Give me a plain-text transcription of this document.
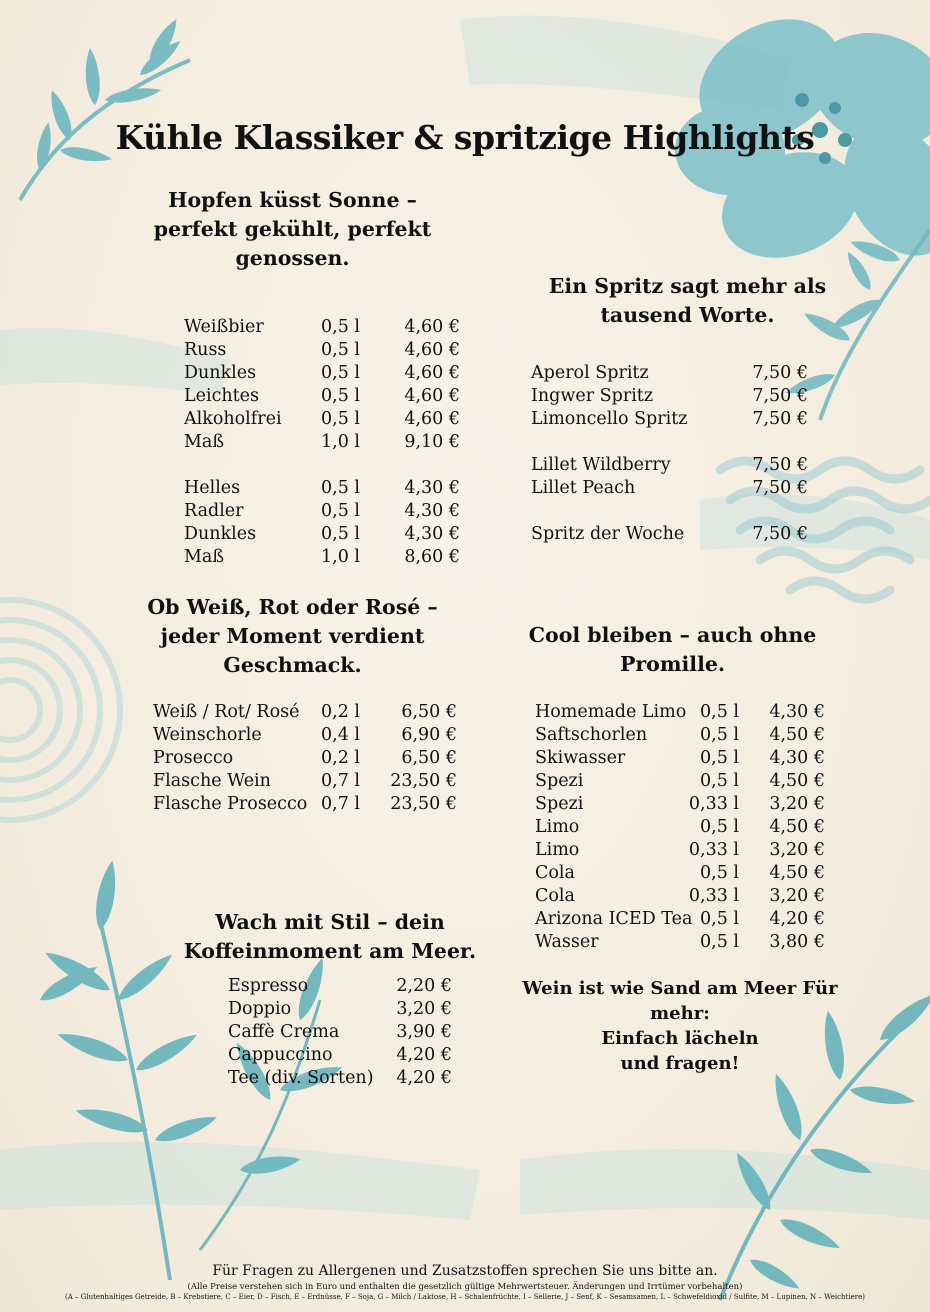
Kühle Klassiker & spritzige Highlights
Hopfen küsst Sonne –
perfekt gekühlt, perfekt
genossen.
Weißbier	0,5 l	4,60 €
Russ	0,5 l	4,60 €
Dunkles	0,5 l	4,60 €
Leichtes	0,5 l	4,60 €
Alkoholfrei 0,5 l	4,60 €
Maß	1,0 l	9,10 €
Helles	0,5 l	4,30 €
Radler	0,5 l	4,30 €
Dunkles	0,5 l	4,30 €
Maß	1,0 l	8,60 €
Ein Spritz sagt mehr als
tausend Worte.
Aperol Spritz	7,50 €
Ingwer Spritz	7,50 €
Limoncello Spritz	7,50 €
Lillet Wildberry	7,50 €
Lillet Peach	7,50 €
Spritz der Woche	7,50 €
Ob Weiß, Rot oder Rosé –
jeder Moment verdient
Geschmack.
Weiß / Rot/ Rosé 0,2 l 6,50 €
Weinschorle	0,4 l 6,90 €
Prosecco	0,2 l 6,50 €
Flasche Wein	0,7 l 23,50 €
Flasche Prosecco 0,7 l 23,50 €
Cool bleiben – auch ohne
Promille.
Homemade Limo 0,5 l 4,30 €
Saftschorlen	0,5 l 4,50 €
Skiwasser	0,5 l 4,30 €
Spezi	0,5 l 4,50 €
Spezi	0,33 l 3,20 €
Limo	0,5 l 4,50 €
Limo	0,33 l 3,20 €
Cola	0,5 l 4,50 €
Cola	0,33 l 3,20 €
Arizona ICED Tea 0,5 l 4,20 €
Wasser	0,5 l 3,80 €
Wach mit Stil – dein
Koffeinmoment am Meer.
Espresso	2,20 €
Doppio	3,20 €
Caffè Crema	3,90 €
Cappuccino	4,20 €
Tee (div. Sorten) 4,20 €
Wein ist wie Sand am Meer Für
mehr:
Einfach lächeln
und fragen!
Für Fragen zu Allergenen und Zusatzstoffen sprechen Sie uns bitte an.
(Alle Preise verstehen sich in Euro und enthalten die gesetzlich gültige Mehrwertsteuer. Änderungen und Irrtümer vorbehalten)
(A – Glutenhaltiges Getreide, B – Krebstiere, C – Eier, D – Fisch, E – Erdnüsse, F – Soja, G – Milch / Laktose, H – Schalenfrüchte, I – Sellerie, J – Senf, K – Sesamsamen, L – Schwefeldioxid / Sulfite, M – Lupinen, N – Weichtiere)
